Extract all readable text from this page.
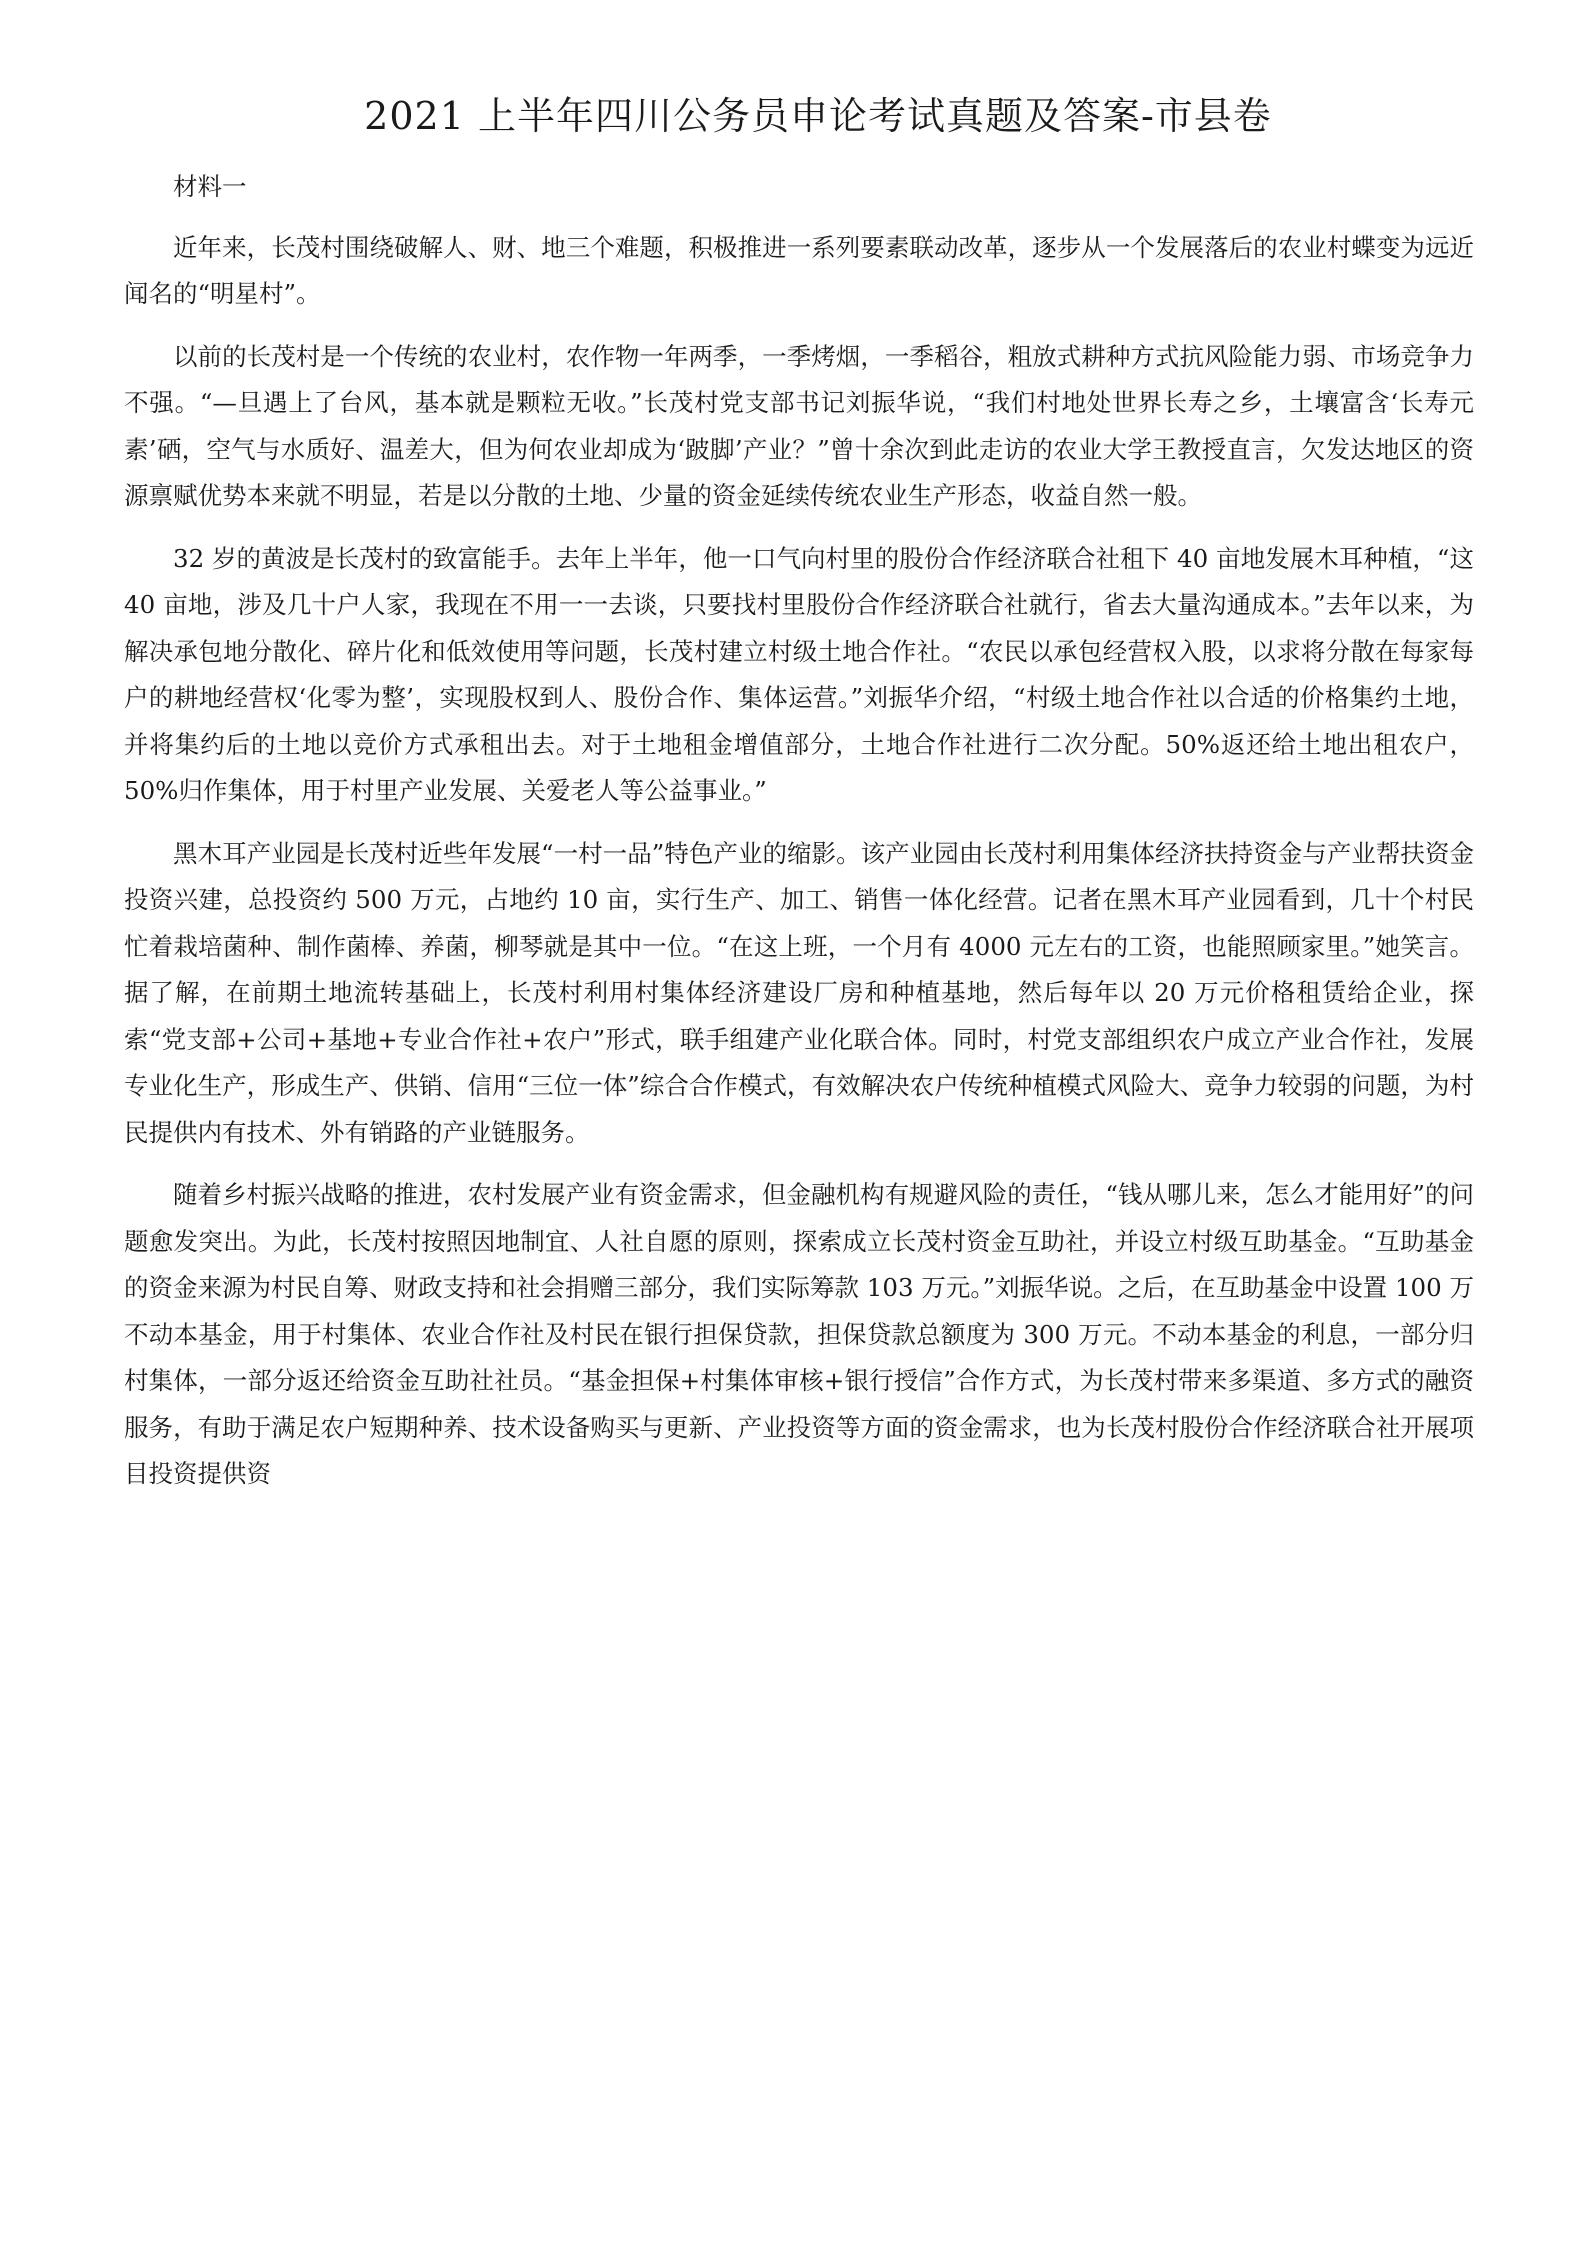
2021 上半年四川公务员申论考试真题及答案-市县卷

材料一

近年来，长茂村围绕破解人、财、地三个难题，积极推进一系列要素联动改革，逐步从一个发展落后的农业村蝶变为远近闻名的“明星村”。

以前的长茂村是一个传统的农业村，农作物一年两季，一季烤烟，一季稻谷，粗放式耕种方式抗风险能力弱、市场竞争力不强。“—旦遇上了台风，基本就是颗粒无收。”长茂村党支部书记刘振华说，“我们村地处世界长寿之乡，土壤富含‘长寿元素’硒，空气与水质好、温差大，但为何农业却成为‘跛脚’产业？”曾十余次到此走访的农业大学王教授直言，欠发达地区的资源禀赋优势本来就不明显，若是以分散的土地、少量的资金延续传统农业生产形态，收益自然一般。

32 岁的黄波是长茂村的致富能手。去年上半年，他一口气向村里的股份合作经济联合社租下 40 亩地发展木耳种植，“这 40 亩地，涉及几十户人家，我现在不用一一去谈，只要找村里股份合作经济联合社就行，省去大量沟通成本。”去年以来，为解决承包地分散化、碎片化和低效使用等问题，长茂村建立村级土地合作社。“农民以承包经营权入股，以求将分散在每家每户的耕地经营权‘化零为整’，实现股权到人、股份合作、集体运营。”刘振华介绍，“村级土地合作社以合适的价格集约土地，并将集约后的土地以竞价方式承租出去。对于土地租金增值部分，土地合作社进行二次分配。50%返还给土地出租农户，50%归作集体，用于村里产业发展、关爱老人等公益事业。”

黑木耳产业园是长茂村近些年发展“一村一品”特色产业的缩影。该产业园由长茂村利用集体经济扶持资金与产业帮扶资金投资兴建，总投资约 500 万元，占地约 10 亩，实行生产、加工、销售一体化经营。记者在黑木耳产业园看到，几十个村民忙着栽培菌种、制作菌棒、养菌，柳琴就是其中一位。“在这上班，一个月有 4000 元左右的工资，也能照顾家里。”她笑言。据了解，在前期土地流转基础上，长茂村利用村集体经济建设厂房和种植基地，然后每年以 20 万元价格租赁给企业，探索“党支部+公司+基地+专业合作社+农户”形式，联手组建产业化联合体。同时，村党支部组织农户成立产业合作社，发展专业化生产，形成生产、供销、信用“三位一体”综合合作模式，有效解决农户传统种植模式风险大、竞争力较弱的问题，为村民提供内有技术、外有销路的产业链服务。

随着乡村振兴战略的推进，农村发展产业有资金需求，但金融机构有规避风险的责任，“钱从哪儿来，怎么才能用好”的问题愈发突出。为此，长茂村按照因地制宜、人社自愿的原则，探索成立长茂村资金互助社，并设立村级互助基金。“互助基金的资金来源为村民自筹、财政支持和社会捐赠三部分，我们实际筹款 103 万元。”刘振华说。之后，在互助基金中设置 100 万不动本基金，用于村集体、农业合作社及村民在银行担保贷款，担保贷款总额度为 300 万元。不动本基金的利息，一部分归村集体，一部分返还给资金互助社社员。“基金担保+村集体审核+银行授信”合作方式，为长茂村带来多渠道、多方式的融资服务，有助于满足农户短期种养、技术设备购买与更新、产业投资等方面的资金需求，也为长茂村股份合作经济联合社开展项目投资提供资
